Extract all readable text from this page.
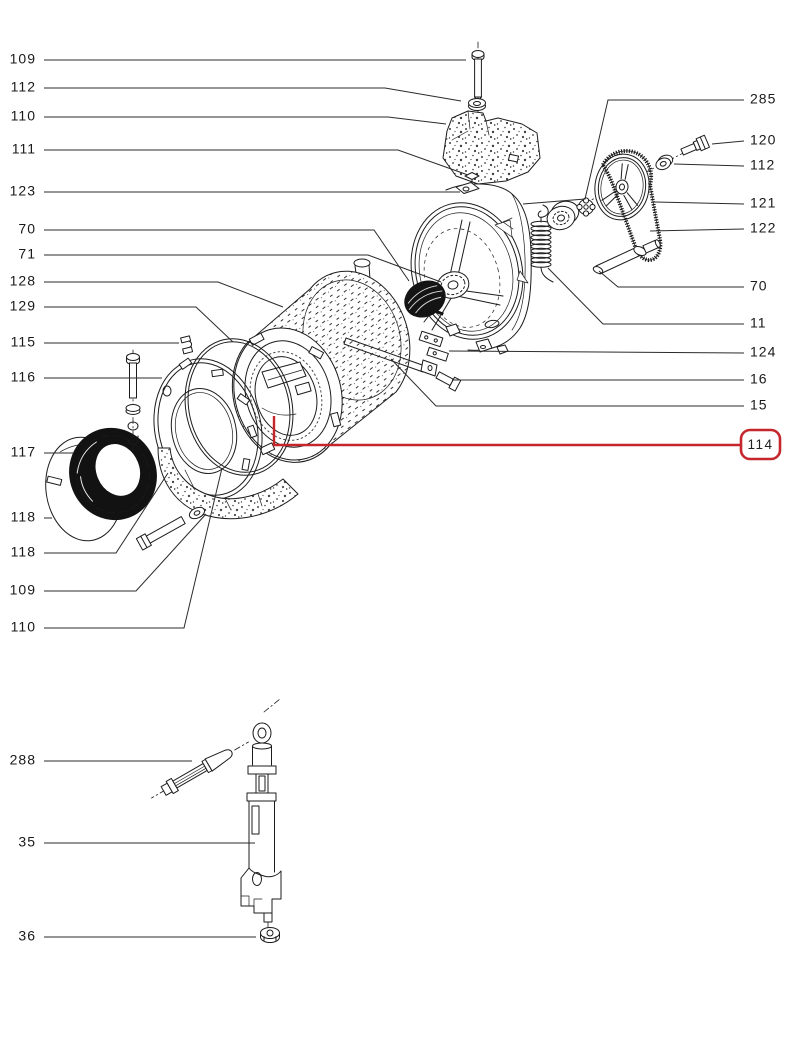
109
112
110
111
123
70
71
128
129
115
116
117
118
118
109
110
285
120
112
121
122
70
11
124
16
15
288
35
36
114
